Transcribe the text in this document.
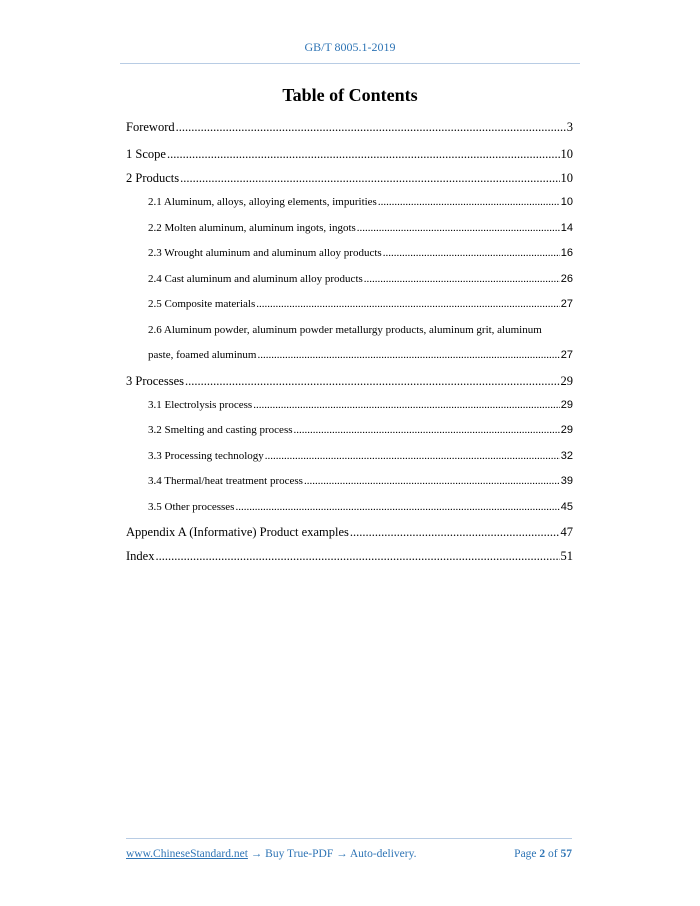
GB/T 8005.1-2019
Table of Contents
Foreword .....	3
1 Scope .....	10
2 Products .....	10
2.1 Aluminum, alloys, alloying elements, impurities .....	10
2.2 Molten aluminum, aluminum ingots, ingots .....	14
2.3 Wrought aluminum and aluminum alloy products .....	16
2.4 Cast aluminum and aluminum alloy products .....	26
2.5 Composite materials .....	27
2.6 Aluminum powder, aluminum powder metallurgy products, aluminum grit, aluminum
paste, foamed aluminum .....	27
3 Processes .....	29
3.1 Electrolysis process .....	29
3.2 Smelting and casting process .....	29
3.3 Processing technology .....	32
3.4 Thermal/heat treatment process .....	39
3.5 Other processes .....	45
Appendix A (Informative) Product examples .....	47
Index .....	51
www.ChineseStandard.net → Buy True-PDF → Auto-delivery.	Page 2 of 57
